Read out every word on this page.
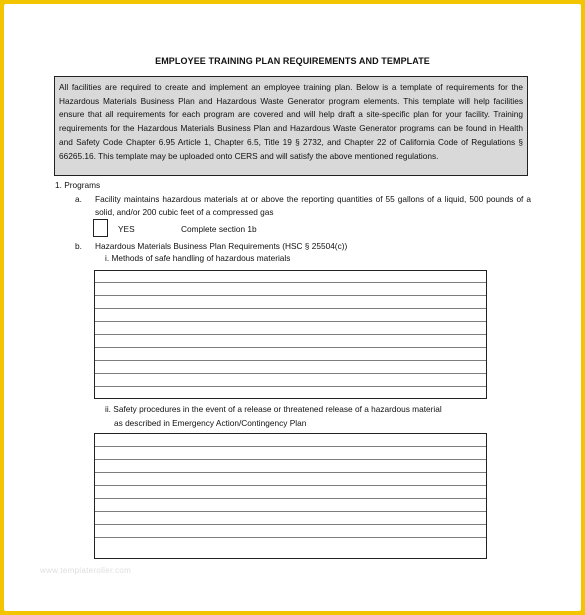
EMPLOYEE TRAINING PLAN REQUIREMENTS AND TEMPLATE
All facilities are required to create and implement an employee training plan. Below is a template of requirements for the Hazardous Materials Business Plan and Hazardous Waste Generator program elements. This template will help facilities ensure that all requirements for each program are covered and will help draft a site-specific plan for your facility. Training requirements for the Hazardous Materials Business Plan and Hazardous Waste Generator programs can be found in Health and Safety Code Chapter 6.95 Article 1, Chapter 6.5, Title 19 § 2732, and Chapter 22 of California Code of Regulations § 66265.16. This template may be uploaded onto CERS and will satisfy the above mentioned regulations.
1. Programs
a. Facility maintains hazardous materials at or above the reporting quantities of 55 gallons of a liquid, 500 pounds of a solid, and/or 200 cubic feet of a compressed gas
YES	Complete section 1b
b. Hazardous Materials Business Plan Requirements (HSC § 25504(c))
i. Methods of safe handling of hazardous materials
ii. Safety procedures in the event of a release or threatened release of a hazardous material
as described in Emergency Action/Contingency Plan
www.templateroller.com
